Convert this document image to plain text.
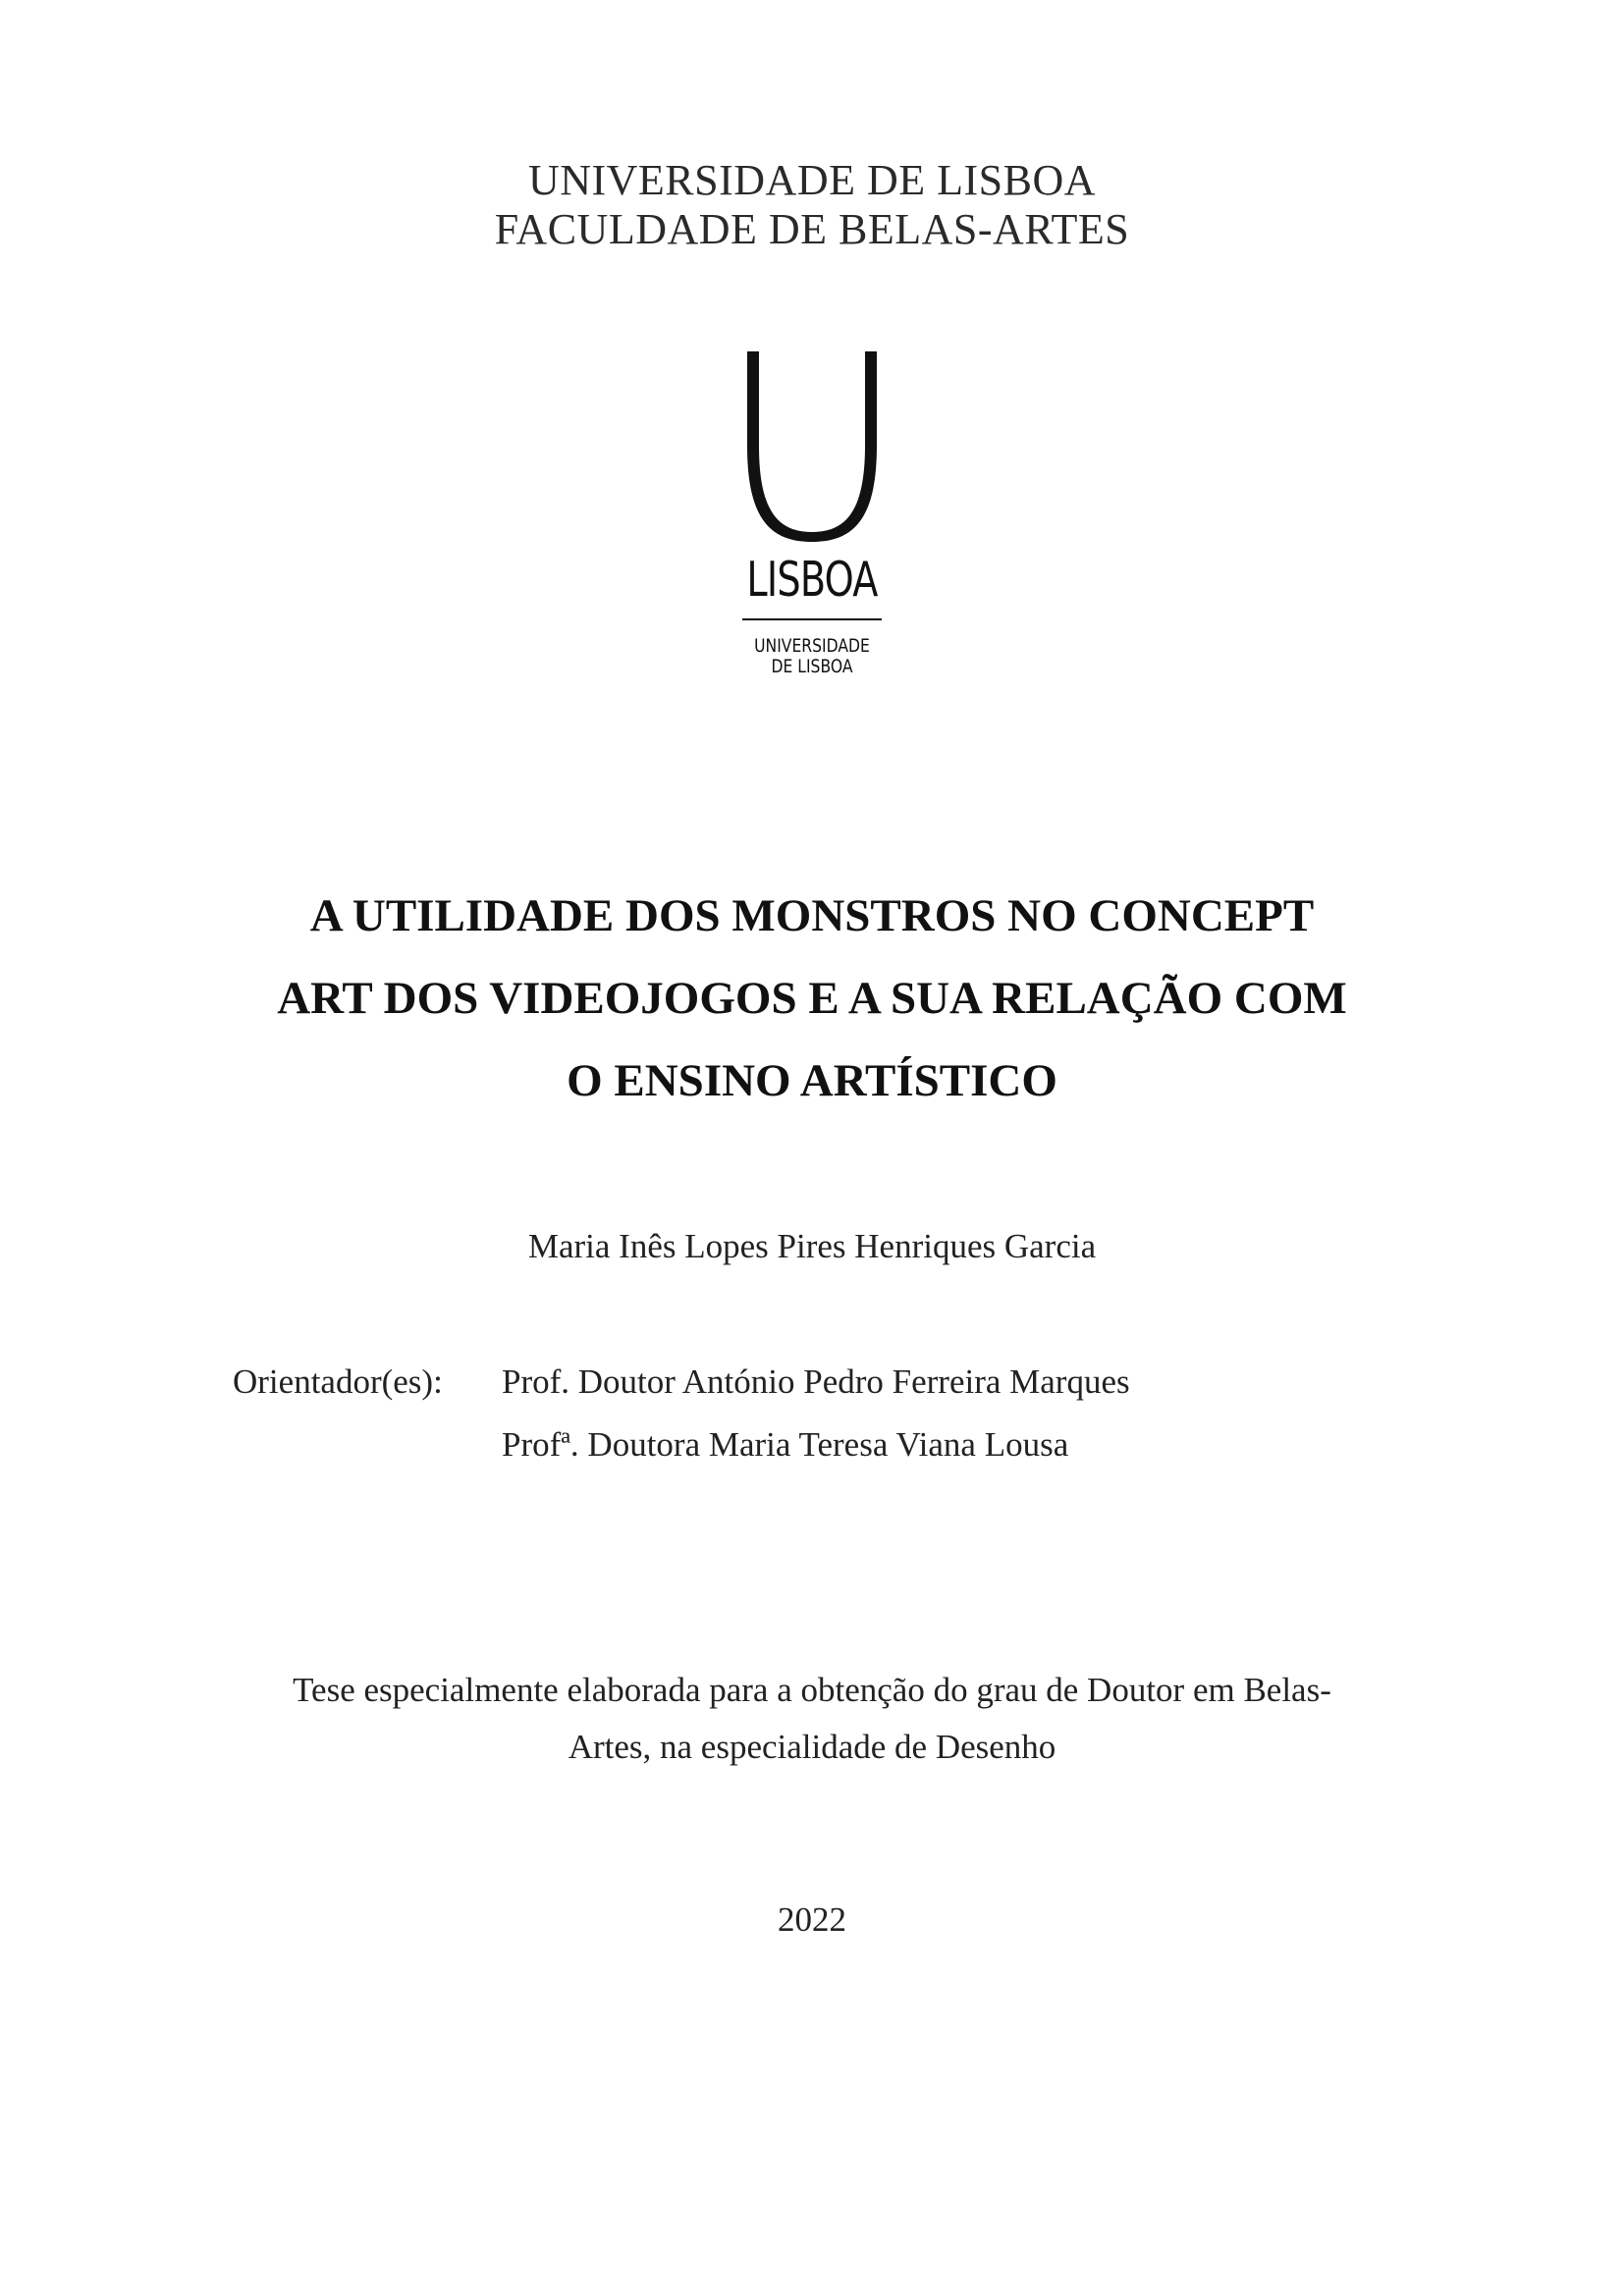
UNIVERSIDADE DE LISBOA
FACULDADE DE BELAS-ARTES
LISBOA
UNIVERSIDADE
DE LISBOA
A UTILIDADE DOS MONSTROS NO CONCEPT
ART DOS VIDEOJOGOS E A SUA RELAÇÃO COM
O ENSINO ARTÍSTICO
Maria Inês Lopes Pires Henriques Garcia
Orientador(es): Prof. Doutor António Pedro Ferreira Marques
Profª. Doutora Maria Teresa Viana Lousa
Tese especialmente elaborada para a obtenção do grau de Doutor em Belas-
Artes, na especialidade de Desenho
2022
